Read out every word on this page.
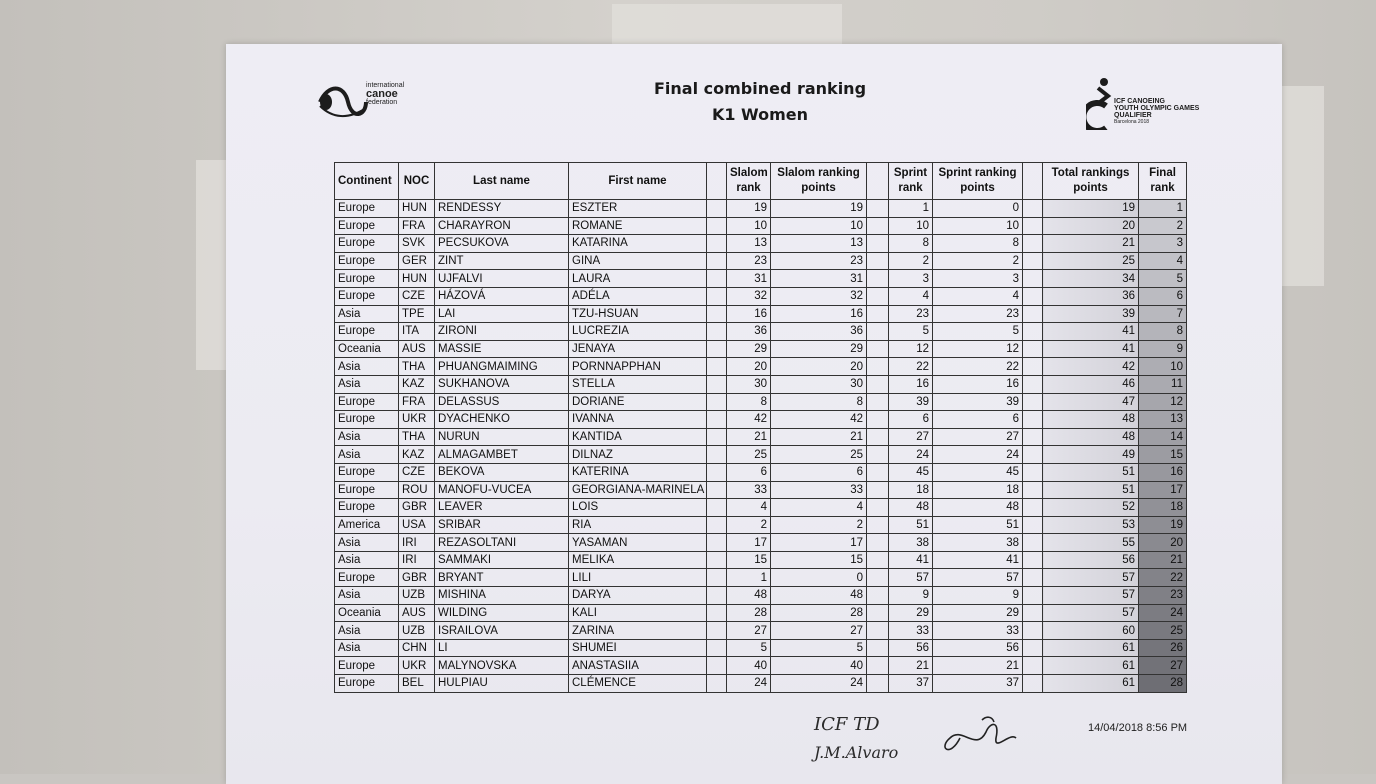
international
canoe
federation
Final combined ranking
K1 Women
ICF CANOEING
YOUTH OLYMPIC GAMES
QUALIFIER
Barcelona 2018
Continent	NOC	Last name	First name		Slalom rank	Slalom ranking points		Sprint rank	Sprint ranking points		Total rankings points	Final rank
Europe	HUN	RENDESSY	ESZTER		19	19		1	0		19	1
Europe	FRA	CHARAYRON	ROMANE		10	10		10	10		20	2
Europe	SVK	PECSUKOVA	KATARINA		13	13		8	8		21	3
Europe	GER	ZINT	GINA		23	23		2	2		25	4
Europe	HUN	UJFALVI	LAURA		31	31		3	3		34	5
Europe	CZE	HÁZOVÁ	ADÉLA		32	32		4	4		36	6
Asia	TPE	LAI	TZU-HSUAN		16	16		23	23		39	7
Europe	ITA	ZIRONI	LUCREZIA		36	36		5	5		41	8
Oceania	AUS	MASSIE	JENAYA		29	29		12	12		41	9
Asia	THA	PHUANGMAIMING	PORNNAPPHAN		20	20		22	22		42	10
Asia	KAZ	SUKHANOVA	STELLA		30	30		16	16		46	11
Europe	FRA	DELASSUS	DORIANE		8	8		39	39		47	12
Europe	UKR	DYACHENKO	IVANNA		42	42		6	6		48	13
Asia	THA	NURUN	KANTIDA		21	21		27	27		48	14
Asia	KAZ	ALMAGAMBET	DILNAZ		25	25		24	24		49	15
Europe	CZE	BEKOVA	KATERINA		6	6		45	45		51	16
Europe	ROU	MANOFU-VUCEA	GEORGIANA-MARINELA		33	33		18	18		51	17
Europe	GBR	LEAVER	LOIS		4	4		48	48		52	18
America	USA	SRIBAR	RIA		2	2		51	51		53	19
Asia	IRI	REZASOLTANI	YASAMAN		17	17		38	38		55	20
Asia	IRI	SAMMAKI	MELIKA		15	15		41	41		56	21
Europe	GBR	BRYANT	LILI		1	0		57	57		57	22
Asia	UZB	MISHINA	DARYA		48	48		9	9		57	23
Oceania	AUS	WILDING	KALI		28	28		29	29		57	24
Asia	UZB	ISRAILOVA	ZARINA		27	27		33	33		60	25
Asia	CHN	LI	SHUMEI		5	5		56	56		61	26
Europe	UKR	MALYNOVSKA	ANASTASIIA		40	40		21	21		61	27
Europe	BEL	HULPIAU	CLÉMENCE		24	24		37	37		61	28
ICF TD
J.M.Alvaro
14/04/2018 8:56 PM
